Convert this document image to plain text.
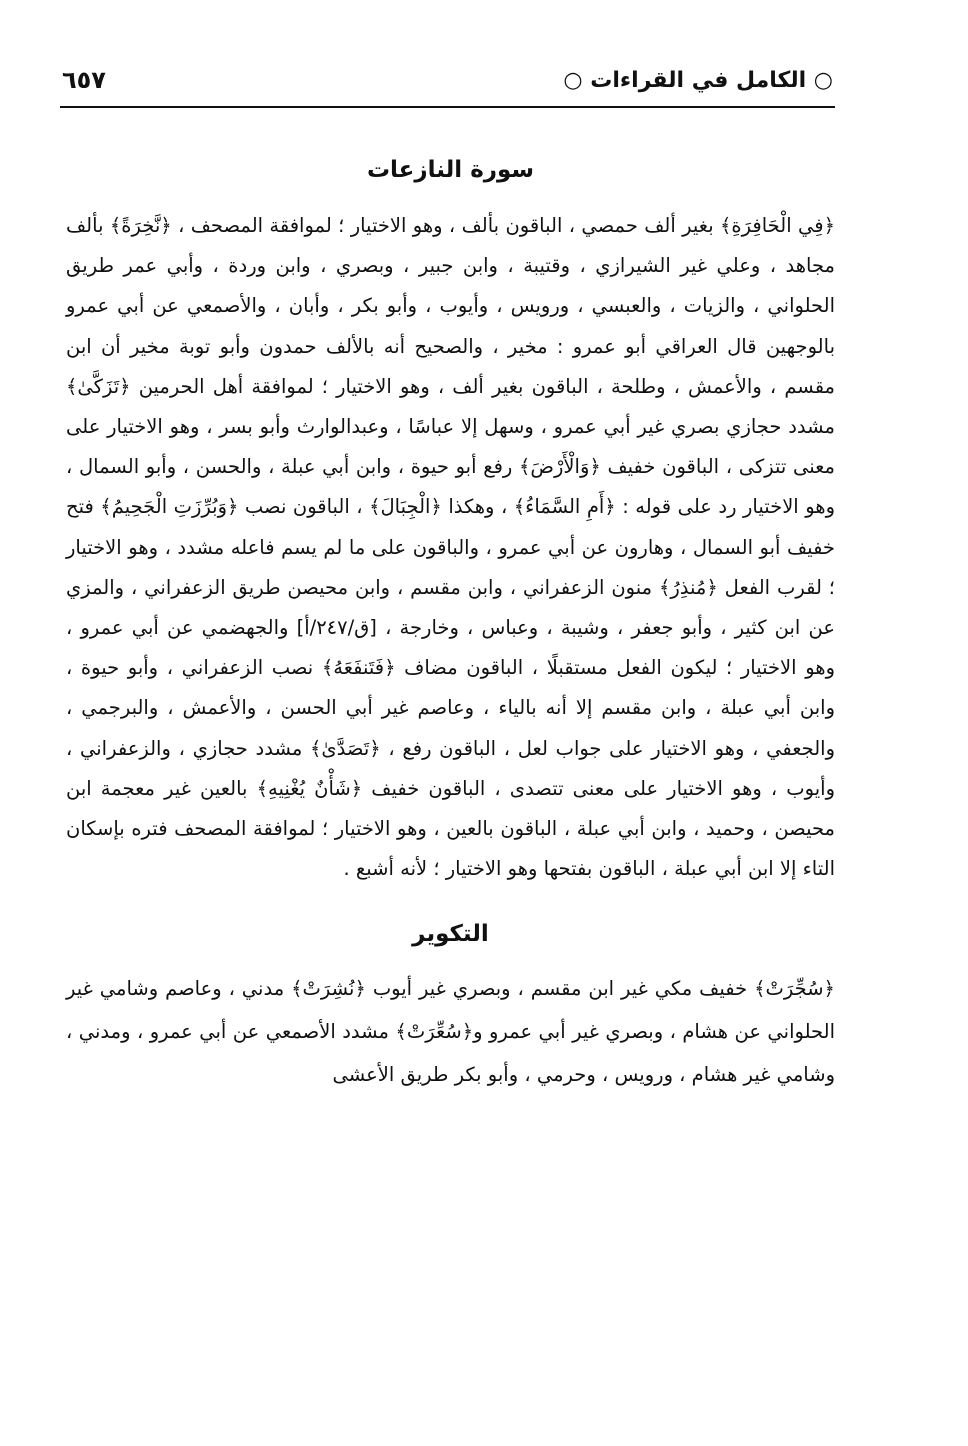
○ الكامل في القراءات ○
٦٥٧
سورة النازعات

﴿فِي الْحَافِرَةِ﴾ بغير ألف حمصي ، الباقون بألف ، وهو الاختيار ؛ لموافقة المصحف ، ﴿نَّخِرَةً﴾ بألف مجاهد ، وعلي غير الشيرازي ، وقتيبة ، وابن جبير ، وبصري ، وابن وردة ، وأبي عمر طريق الحلواني ، والزيات ، والعبسي ، ورويس ، وأيوب ، وأبو بكر ، وأبان ، والأصمعي عن أبي عمرو بالوجهين قال العراقي أبو عمرو : مخير ، والصحيح أنه بالألف حمدون وأبو توبة مخير أن ابن مقسم ، والأعمش ، وطلحة ، الباقون بغير ألف ، وهو الاختيار ؛ لموافقة أهل الحرمين ﴿تَزَكَّىٰ﴾ مشدد حجازي بصري غير أبي عمرو ، وسهل إلا عباسًا ، وعبدالوارث وأبو بسر ، وهو الاختيار على معنى تتزكى ، الباقون خفيف ﴿وَالْأَرْضَ﴾ رفع أبو حيوة ، وابن أبي عبلة ، والحسن ، وأبو السمال ، وهو الاختيار رد على قوله : ﴿أَمِ السَّمَاءُ﴾ ، وهكذا ﴿الْجِبَالَ﴾ ، الباقون نصب ﴿وَبُرِّزَتِ الْجَحِيمُ﴾ فتح خفيف أبو السمال ، وهارون عن أبي عمرو ، والباقون على ما لم يسم فاعله مشدد ، وهو الاختيار ؛ لقرب الفعل ﴿مُنذِرُ﴾ منون الزعفراني ، وابن مقسم ، وابن محيصن طريق الزعفراني ، والمزي عن ابن كثير ، وأبو جعفر ، وشيبة ، وعباس ، وخارجة ، [ق/٢٤٧/أ] والجهضمي عن أبي عمرو ، وهو الاختيار ؛ ليكون الفعل مستقبلًا ، الباقون مضاف ﴿فَتَنفَعَهُ﴾ نصب الزعفراني ، وأبو حيوة ، وابن أبي عبلة ، وابن مقسم إلا أنه بالياء ، وعاصم غير أبي الحسن ، والأعمش ، والبرجمي ، والجعفي ، وهو الاختيار على جواب لعل ، الباقون رفع ، ﴿تَصَدَّىٰ﴾ مشدد حجازي ، والزعفراني ، وأيوب ، وهو الاختيار على معنى تتصدى ، الباقون خفيف ﴿شَأْنٌ يُغْنِيهِ﴾ بالعين غير معجمة ابن محيصن ، وحميد ، وابن أبي عبلة ، الباقون بالعين ، وهو الاختيار ؛ لموافقة المصحف فتره بإسكان التاء إلا ابن أبي عبلة ، الباقون بفتحها وهو الاختيار ؛ لأنه أشبع .

التكوير

﴿سُجِّرَتْ﴾ خفيف مكي غير ابن مقسم ، وبصري غير أيوب ﴿نُشِرَتْ﴾ مدني ، وعاصم وشامي غير الحلواني عن هشام ، وبصري غير أبي عمرو و﴿سُعِّرَتْ﴾ مشدد الأصمعي عن أبي عمرو ، ومدني ، وشامي غير هشام ، ورويس ، وحرمي ، وأبو بكر طريق الأعشى
